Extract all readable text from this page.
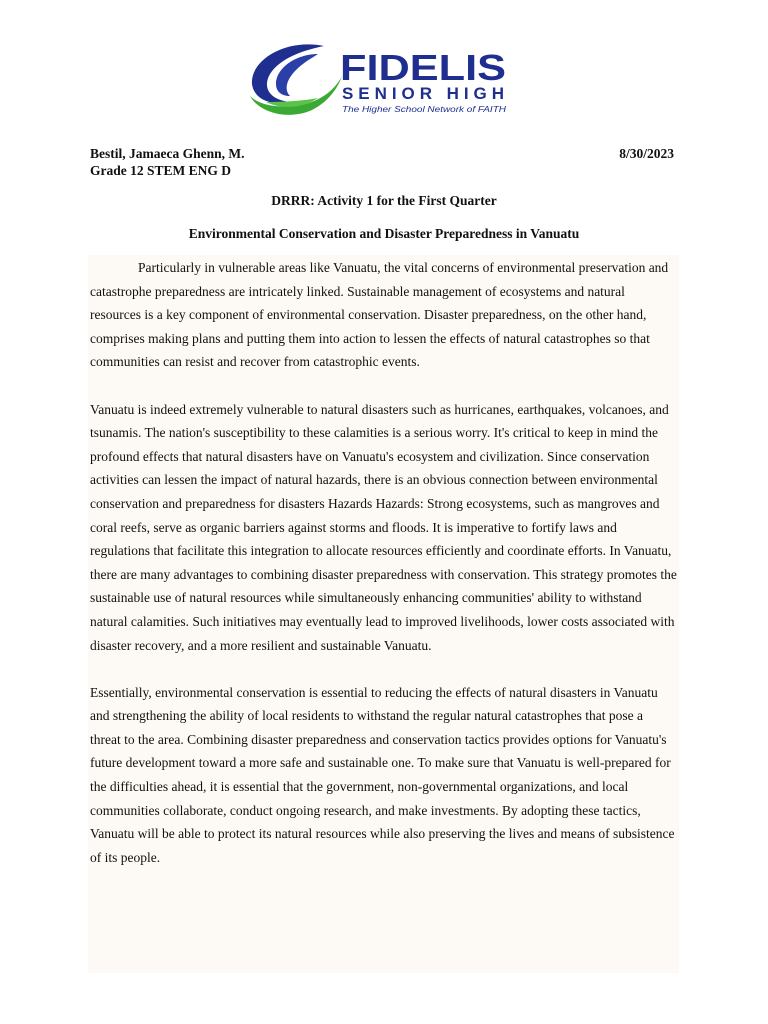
FIDELIS
SENIOR HIGH
The Higher School Network of FAITH
Bestil, Jamaeca Ghenn, M.	8/30/2023
Grade 12 STEM ENG D
DRRR: Activity 1 for the First Quarter
Environmental Conservation and Disaster Preparedness in Vanuatu

Particularly in vulnerable areas like Vanuatu, the vital concerns of environmental preservation and catastrophe preparedness are intricately linked. Sustainable management of ecosystems and natural resources is a key component of environmental conservation. Disaster preparedness, on the other hand, comprises making plans and putting them into action to lessen the effects of natural catastrophes so that communities can resist and recover from catastrophic events.

Vanuatu is indeed extremely vulnerable to natural disasters such as hurricanes, earthquakes, volcanoes, and tsunamis. The nation's susceptibility to these calamities is a serious worry. It's critical to keep in mind the profound effects that natural disasters have on Vanuatu's ecosystem and civilization. Since conservation activities can lessen the impact of natural hazards, there is an obvious connection between environmental conservation and preparedness for disasters Hazards Hazards: Strong ecosystems, such as mangroves and coral reefs, serve as organic barriers against storms and floods. It is imperative to fortify laws and regulations that facilitate this integration to allocate resources efficiently and coordinate efforts. In Vanuatu, there are many advantages to combining disaster preparedness with conservation. This strategy promotes the sustainable use of natural resources while simultaneously enhancing communities' ability to withstand natural calamities. Such initiatives may eventually lead to improved livelihoods, lower costs associated with disaster recovery, and a more resilient and sustainable Vanuatu.

Essentially, environmental conservation is essential to reducing the effects of natural disasters in Vanuatu and strengthening the ability of local residents to withstand the regular natural catastrophes that pose a threat to the area. Combining disaster preparedness and conservation tactics provides options for Vanuatu's future development toward a more safe and sustainable one. To make sure that Vanuatu is well-prepared for the difficulties ahead, it is essential that the government, non-governmental organizations, and local communities collaborate, conduct ongoing research, and make investments. By adopting these tactics, Vanuatu will be able to protect its natural resources while also preserving the lives and means of subsistence of its people.
